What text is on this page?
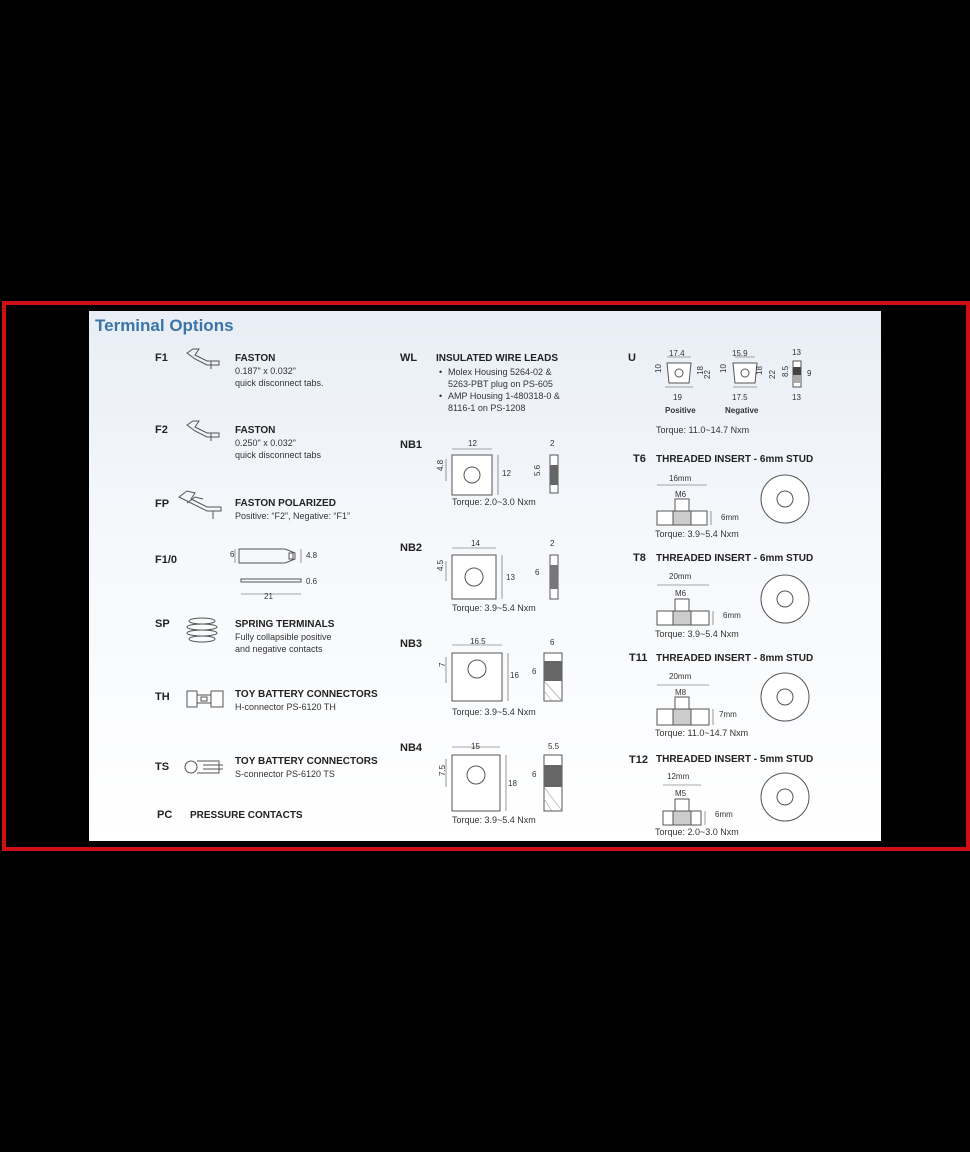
Terminal Options
F1	FASTON
0.187" x 0.032"
quick disconnect tabs.
F2	FASTON
0.250" x 0.032"
quick disconnect tabs
FP	FASTON POLARIZED
Positive: “F2”, Negative: “F1”
F1/0	6	4.8
0.6
21
SP	SPRING TERMINALS
Fully collapsible positive
and negative contacts
TH	TOY BATTERY CONNECTORS
H-connector PS-6120 TH
TS	TOY BATTERY CONNECTORS
S-connector PS-6120 TS
PC PRESSURE CONTACTS
WL INSULATED WIRE LEADS
• Molex Housing 5264-02 &
5263-PBT plug on PS-605
• AMP Housing 1-480318-0 &
8116-1 on PS-1208
NB1	12
4.8
12
2
5.6
Torque: 2.0~3.0 Nxm
NB2	14
4.5
13
2
6
Torque: 3.9~5.4 Nxm
NB3	16.5
7
16
6
6
Torque: 3.9~5.4 Nxm
NB4	15
7.5
18
5.5
6
Torque: 3.9~5.4 Nxm
U	17.4
10	18
22
19
Positive
15.9
10	18 22
17.5
Negative
13
8.5 9
13
Torque: 11.0~14.7 Nxm
T6 THREADED INSERT - 6mm STUD
16mm
M6
6mm
Torque: 3.9~5.4 Nxm
T8 THREADED INSERT - 6mm STUD
20mm
M6
6mm
Torque: 3.9~5.4 Nxm
T11 THREADED INSERT - 8mm STUD
20mm
M8
7mm
Torque: 11.0~14.7 Nxm
T12 THREADED INSERT - 5mm STUD
12mm
M5
6mm
Torque: 2.0~3.0 Nxm
